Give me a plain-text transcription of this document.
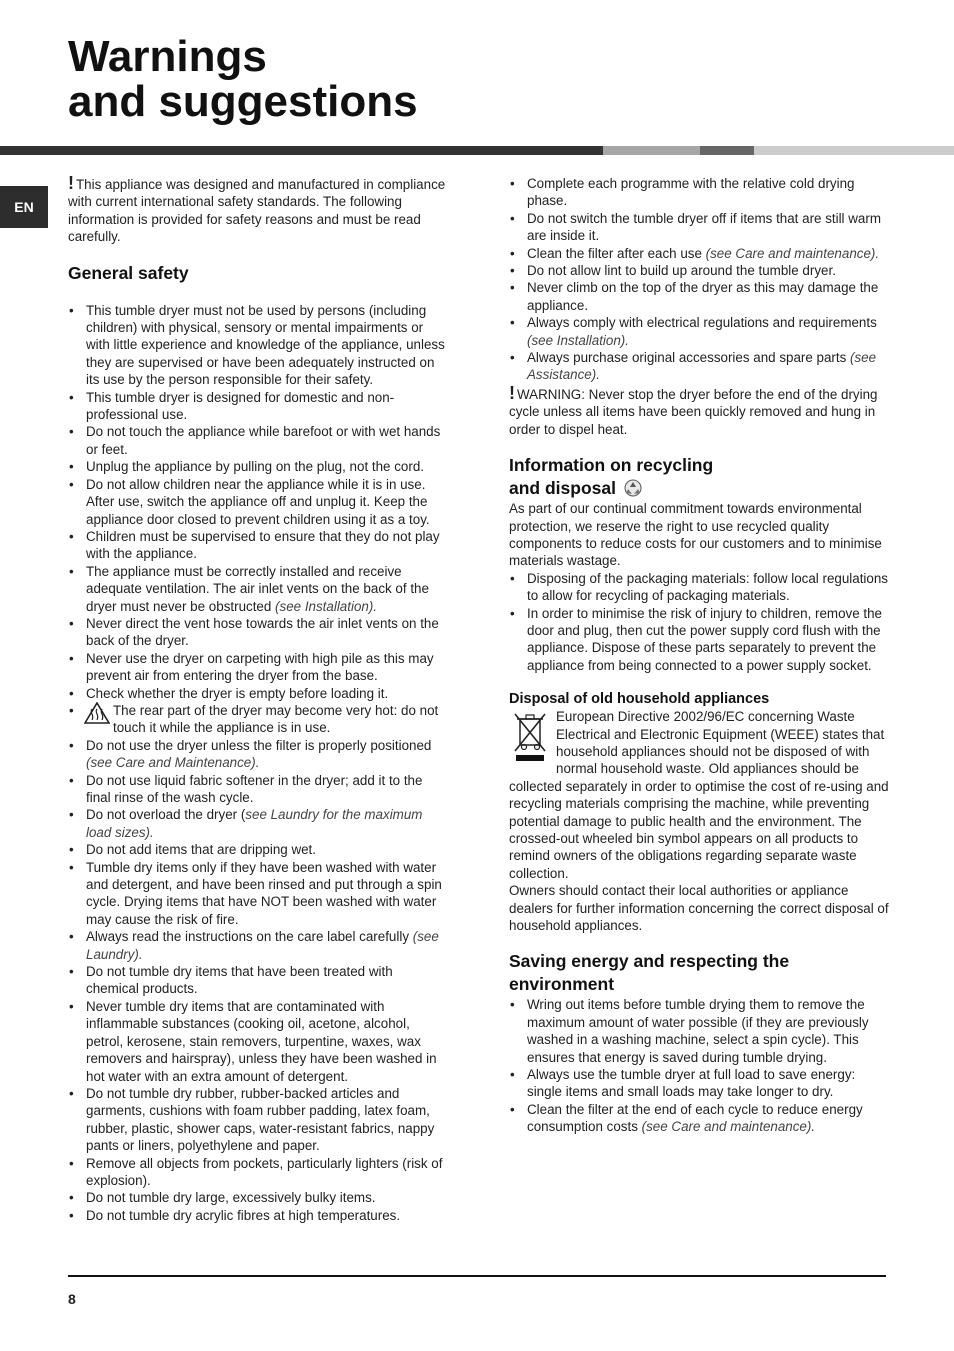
Warnings
and suggestions
EN

! This appliance was designed and manufactured in compliance with current international safety standards. The following information is provided for safety reasons and must be read carefully.

General safety
• This tumble dryer must not be used by persons (including children) with physical, sensory or mental impairments or with little experience and knowledge of the appliance, unless they are supervised or have been adequately instructed on its use by the person responsible for their safety.
• This tumble dryer is designed for domestic and non-professional use.
• Do not touch the appliance while barefoot or with wet hands or feet.
• Unplug the appliance by pulling on the plug, not the cord.
• Do not allow children near the appliance while it is in use. After use, switch the appliance off and unplug it. Keep the appliance door closed to prevent children using it as a toy.
• Children must be supervised to ensure that they do not play with the appliance.
• The appliance must be correctly installed and receive adequate ventilation. The air inlet vents on the back of the dryer must never be obstructed (see Installation).
• Never direct the vent hose towards the air inlet vents on the back of the dryer.
• Never use the dryer on carpeting with high pile as this may prevent air from entering the dryer from the base.
• Check whether the dryer is empty before loading it.
• The rear part of the dryer may become very hot: do not touch it while the appliance is in use.
• Do not use the dryer unless the filter is properly positioned (see Care and Maintenance).
• Do not use liquid fabric softener in the dryer; add it to the final rinse of the wash cycle.
• Do not overload the dryer (see Laundry for the maximum load sizes).
• Do not add items that are dripping wet.
• Tumble dry items only if they have been washed with water and detergent, and have been rinsed and put through a spin cycle. Drying items that have NOT been washed with water may cause the risk of fire.
• Always read the instructions on the care label carefully (see Laundry).
• Do not tumble dry items that have been treated with chemical products.
• Never tumble dry items that are contaminated with inflammable substances (cooking oil, acetone, alcohol, petrol, kerosene, stain removers, turpentine, waxes, wax removers and hairspray), unless they have been washed in hot water with an extra amount of detergent.
• Do not tumble dry rubber, rubber-backed articles and garments, cushions with foam rubber padding, latex foam, rubber, plastic, shower caps, water-resistant fabrics, nappy pants or liners, polyethylene and paper.
• Remove all objects from pockets, particularly lighters (risk of explosion).
• Do not tumble dry large, excessively bulky items.
• Do not tumble dry acrylic fibres at high temperatures.
• Complete each programme with the relative cold drying phase.
• Do not switch the tumble dryer off if items that are still warm are inside it.
• Clean the filter after each use (see Care and maintenance).
• Do not allow lint to build up around the tumble dryer.
• Never climb on the top of the dryer as this may damage the appliance.
• Always comply with electrical regulations and requirements (see Installation).
• Always purchase original accessories and spare parts (see Assistance).

! WARNING: Never stop the dryer before the end of the drying cycle unless all items have been quickly removed and hung in order to dispel heat.

Information on recycling
and disposal

As part of our continual commitment towards environmental protection, we reserve the right to use recycled quality components to reduce costs for our customers and to minimise materials wastage.

• Disposing of the packaging materials: follow local regulations to allow for recycling of packaging materials.
• In order to minimise the risk of injury to children, remove the door and plug, then cut the power supply cord flush with the appliance. Dispose of these parts separately to prevent the appliance from being connected to a power supply socket.
Disposal of old household appliances

European Directive 2002/96/EC concerning Waste Electrical and Electronic Equipment (WEEE) states that household appliances should not be disposed of with normal household waste. Old appliances should be collected separately in order to optimise the cost of re-using and recycling materials comprising the machine, while preventing potential damage to public health and the environment. The crossed-out wheeled bin symbol appears on all products to remind owners of the obligations regarding separate waste collection.

Owners should contact their local authorities or appliance dealers for further information concerning the correct disposal of household appliances.

Saving energy and respecting the
environment
• Wring out items before tumble drying them to remove the maximum amount of water possible (if they are previously washed in a washing machine, select a spin cycle). This ensures that energy is saved during tumble drying.
• Always use the tumble dryer at full load to save energy: single items and small loads may take longer to dry.
• Clean the filter at the end of each cycle to reduce energy consumption costs (see Care and maintenance).
8
